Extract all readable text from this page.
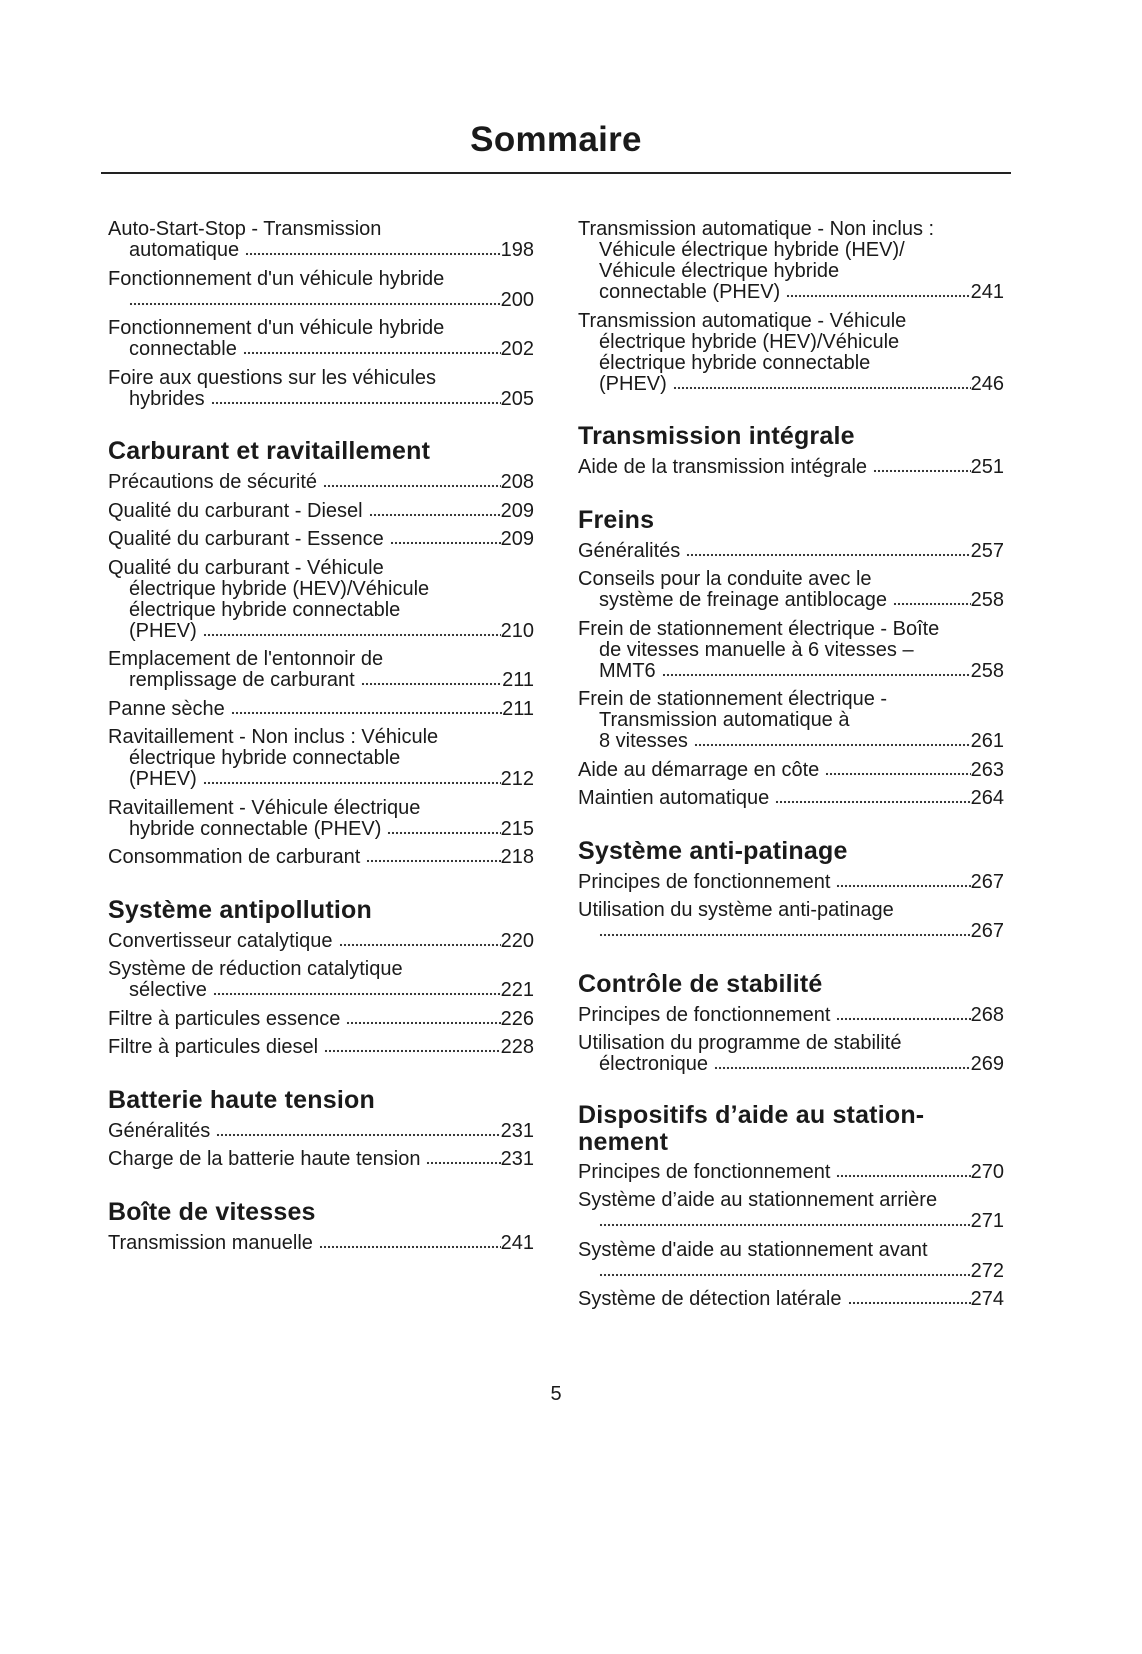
Sommaire
Auto-Start-Stop - Transmission
automatique	198
Fonctionnement d'un véhicule hybride
200
Fonctionnement d'un véhicule hybride
connectable	202
Foire aux questions sur les véhicules
hybrides	205
Carburant et ravitaillement
Précautions de sécurité	208
Qualité du carburant - Diesel	209
Qualité du carburant - Essence	209
Qualité du carburant - Véhicule
électrique hybride (HEV)/Véhicule
électrique hybride connectable
(PHEV)	210
Emplacement de l'entonnoir de
remplissage de carburant	211
Panne sèche	211
Ravitaillement - Non inclus : Véhicule
électrique hybride connectable
(PHEV)	212
Ravitaillement - Véhicule électrique
hybride connectable (PHEV)	215
Consommation de carburant	218
Système antipollution
Convertisseur catalytique	220
Système de réduction catalytique
sélective	221
Filtre à particules essence	226
Filtre à particules diesel	228
Batterie haute tension
Généralités	231
Charge de la batterie haute tension	231
Boîte de vitesses
Transmission manuelle	241
Transmission automatique - Non inclus :
Véhicule électrique hybride (HEV)/
Véhicule électrique hybride
connectable (PHEV)	241
Transmission automatique - Véhicule
électrique hybride (HEV)/Véhicule
électrique hybride connectable
(PHEV)	246
Transmission intégrale
Aide de la transmission intégrale	251
Freins
Généralités	257
Conseils pour la conduite avec le
système de freinage antiblocage	258
Frein de stationnement électrique - Boîte
de vitesses manuelle à 6 vitesses –
MMT6	258
Frein de stationnement électrique -
Transmission automatique à
8 vitesses	261
Aide au démarrage en côte	263
Maintien automatique	264
Système anti-patinage
Principes de fonctionnement	267
Utilisation du système anti-patinage
267
Contrôle de stabilité
Principes de fonctionnement	268
Utilisation du programme de stabilité
électronique	269
Dispositifs d’aide au station-
nement
Principes de fonctionnement	270
Système d’aide au stationnement arrière
271
Système d'aide au stationnement avant
272
Système de détection latérale	274
5
